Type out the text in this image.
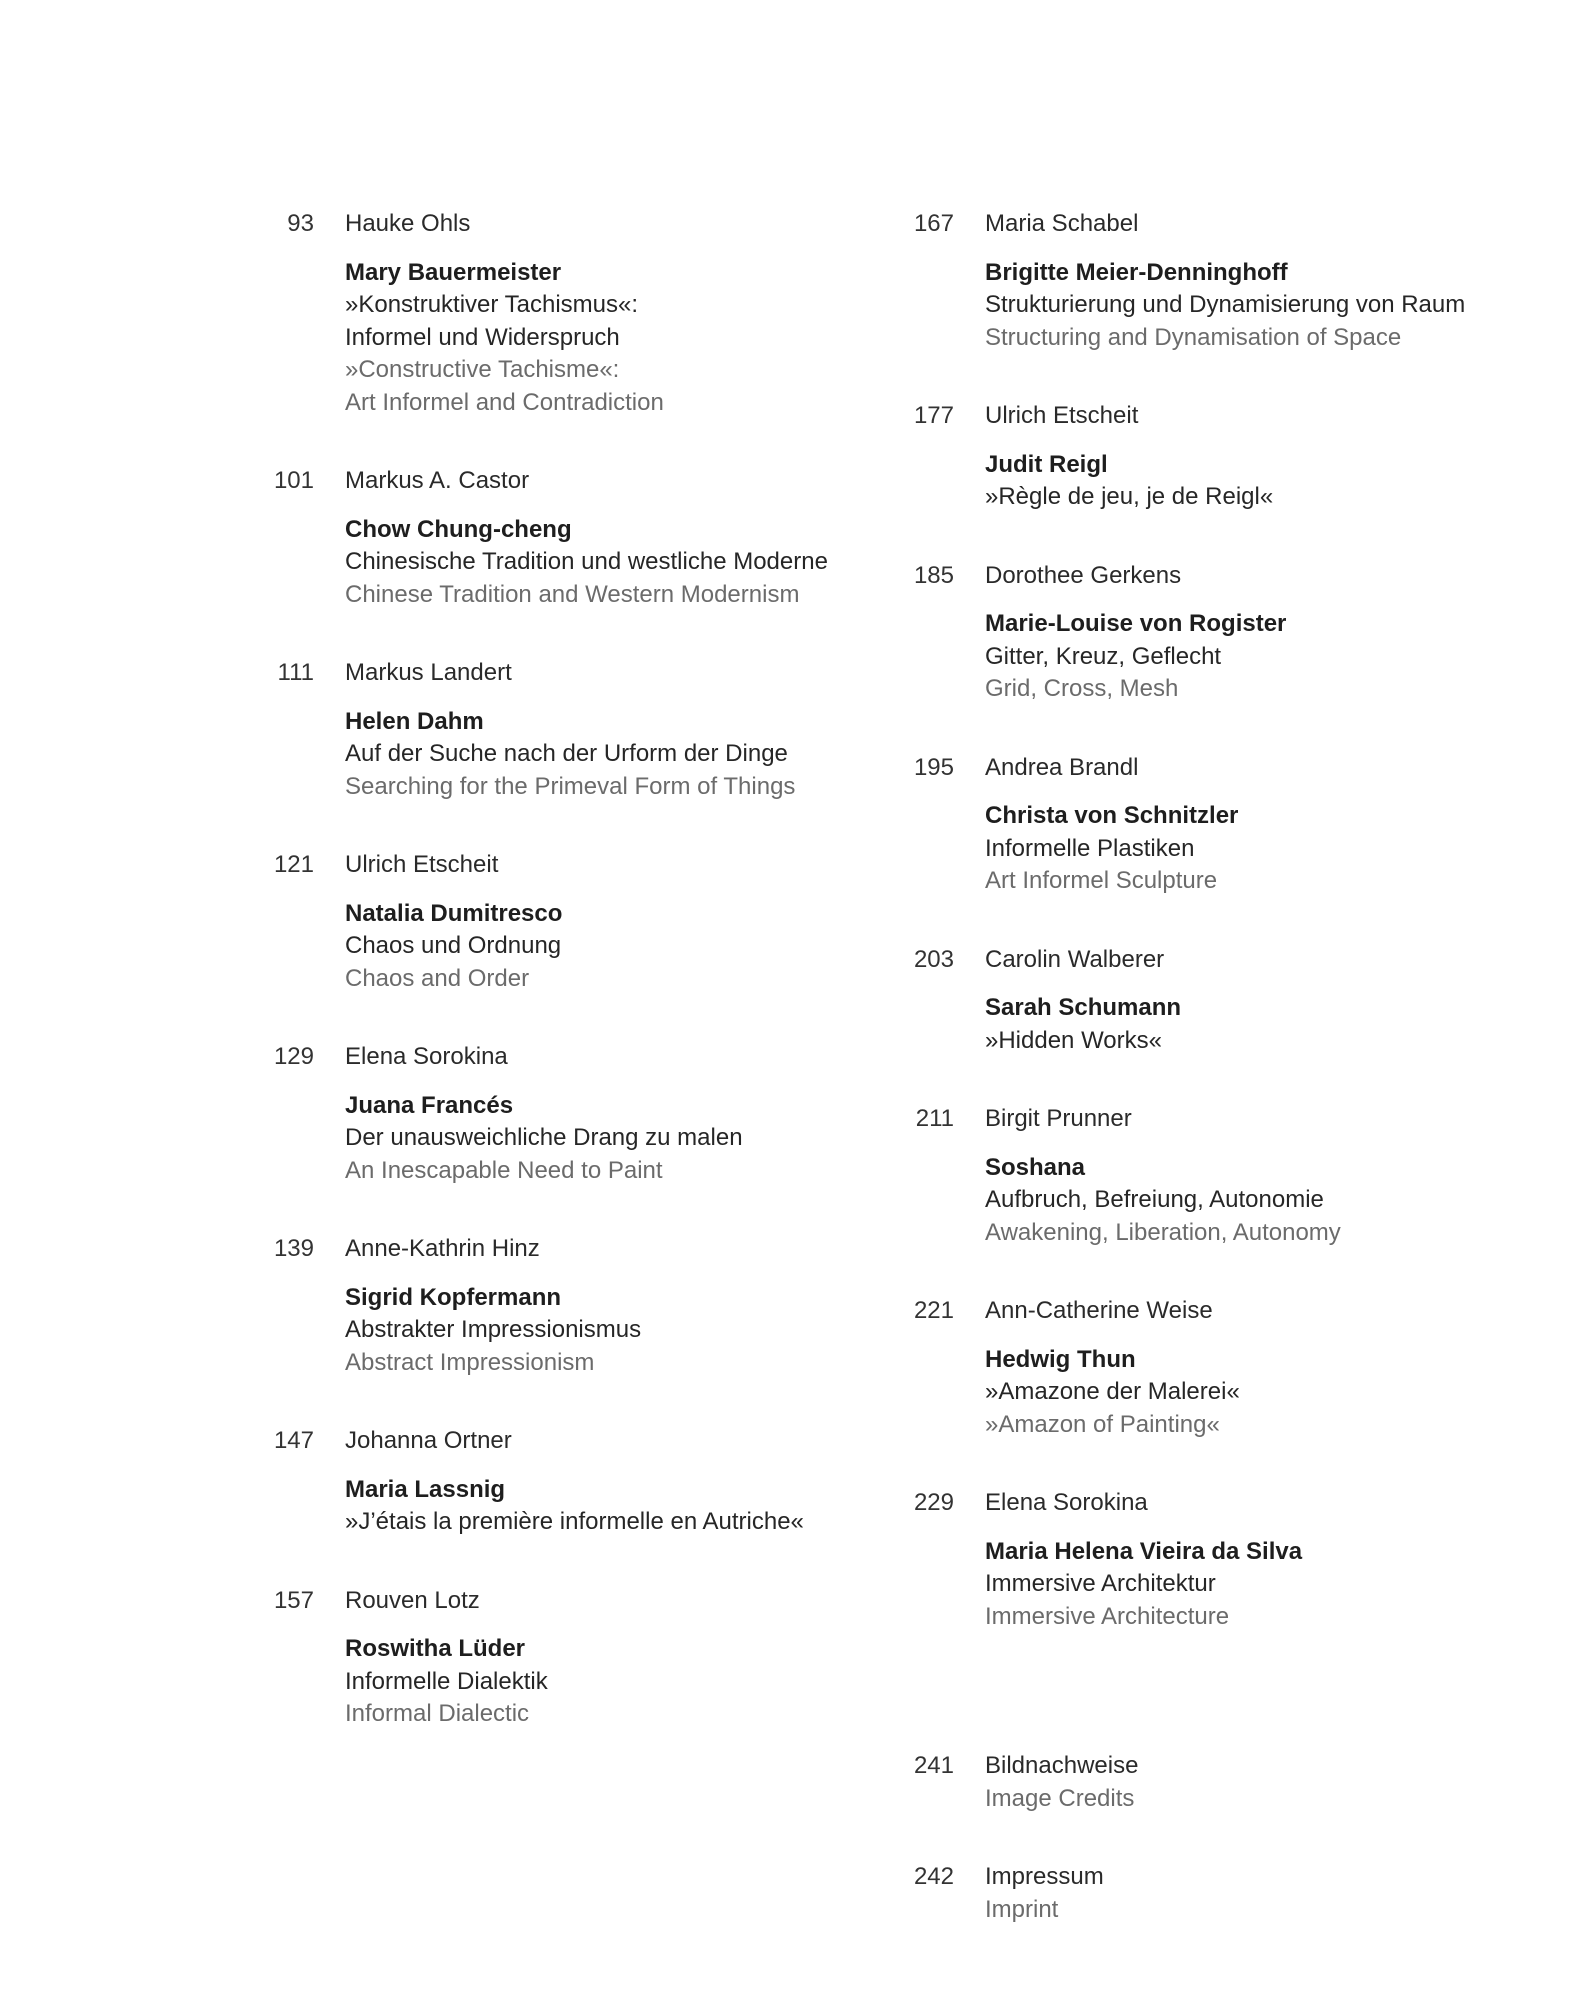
93 Hauke Ohls
Mary Bauermeister
»Konstruktiver Tachismus«:
Informel und Widerspruch
»Constructive Tachisme«:
Art Informel and Contradiction
101 Markus A. Castor
Chow Chung-cheng
Chinesische Tradition und westliche Moderne
Chinese Tradition and Western Modernism
111 Markus Landert
Helen Dahm
Auf der Suche nach der Urform der Dinge
Searching for the Primeval Form of Things
121 Ulrich Etscheit
Natalia Dumitresco
Chaos und Ordnung
Chaos and Order
129 Elena Sorokina
Juana Francés
Der unausweichliche Drang zu malen
An Inescapable Need to Paint
139 Anne-Kathrin Hinz
Sigrid Kopfermann
Abstrakter Impressionismus
Abstract Impressionism
147 Johanna Ortner
Maria Lassnig
»J’étais la première informelle en Autriche«
157 Rouven Lotz
Roswitha Lüder
Informelle Dialektik
Informal Dialectic
167 Maria Schabel
Brigitte Meier-Denninghoff
Strukturierung und Dynamisierung von Raum
Structuring and Dynamisation of Space
177 Ulrich Etscheit
Judit Reigl
»Règle de jeu, je de Reigl«
185 Dorothee Gerkens
Marie-Louise von Rogister
Gitter, Kreuz, Geflecht
Grid, Cross, Mesh
195 Andrea Brandl
Christa von Schnitzler
Informelle Plastiken
Art Informel Sculpture
203 Carolin Walberer
Sarah Schumann
»Hidden Works«
211 Birgit Prunner
Soshana
Aufbruch, Befreiung, Autonomie
Awakening, Liberation, Autonomy
221 Ann-Catherine Weise
Hedwig Thun
»Amazone der Malerei«
»Amazon of Painting«
229 Elena Sorokina
Maria Helena Vieira da Silva
Immersive Architektur
Immersive Architecture
241 Bildnachweise
Image Credits
242 Impressum
Imprint
